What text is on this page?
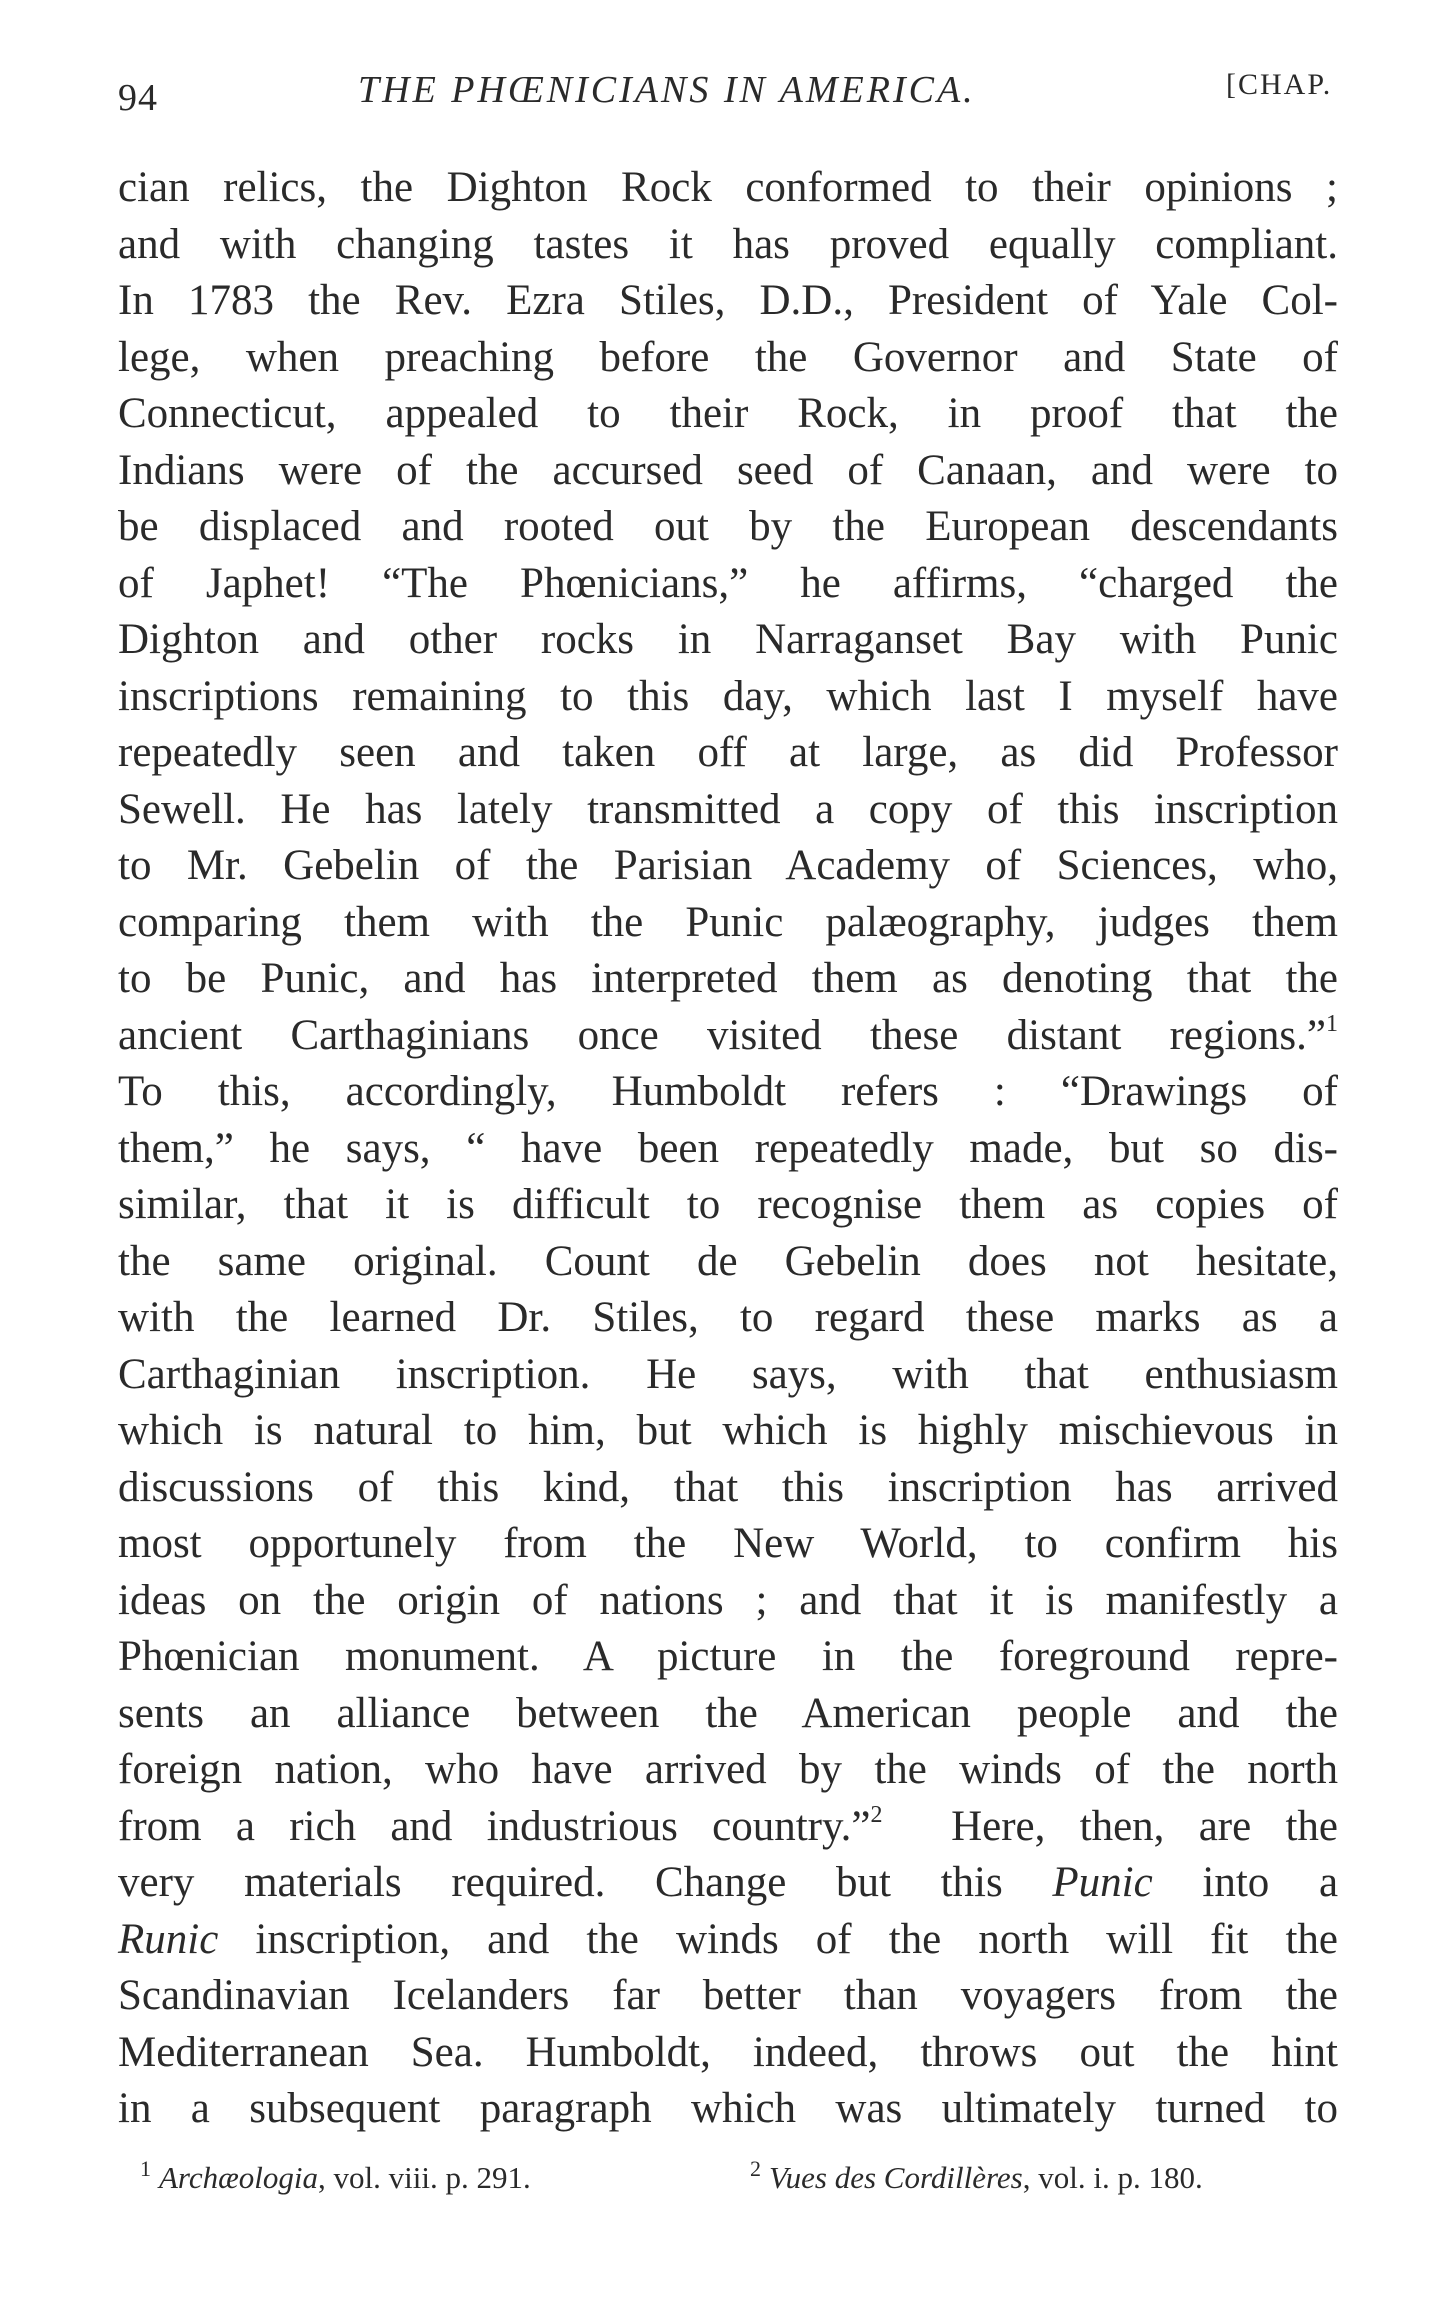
94	THE PHŒNICIANS IN AMERICA.	[CHAP.
cian relics, the Dighton Rock conformed to their opinions ;
and with changing tastes it has proved equally compliant.
In 1783 the Rev. Ezra Stiles, D.D., President of Yale Col-
lege, when preaching before the Governor and State of
Connecticut, appealed to their Rock, in proof that the
Indians were of the accursed seed of Canaan, and were to
be displaced and rooted out by the European descendants
of Japhet! “The Phœnicians,” he affirms, “charged the
Dighton and other rocks in Narraganset Bay with Punic
inscriptions remaining to this day, which last I myself have
repeatedly seen and taken off at large, as did Professor
Sewell. He has lately transmitted a copy of this inscription
to Mr. Gebelin of the Parisian Academy of Sciences, who,
comparing them with the Punic palæography, judges them
to be Punic, and has interpreted them as denoting that the
ancient Carthaginians once visited these distant regions.”$^1$
To this, accordingly, Humboldt refers : “Drawings of
them,” he says, “ have been repeatedly made, but so dis-
similar, that it is difficult to recognise them as copies of
the same original. Count de Gebelin does not hesitate,
with the learned Dr. Stiles, to regard these marks as a
Carthaginian inscription. He says, with that enthusiasm
which is natural to him, but which is highly mischievous in
discussions of this kind, that this inscription has arrived
most opportunely from the New World, to confirm his
ideas on the origin of nations ; and that it is manifestly a
Phœnician monument. A picture in the foreground repre-
sents an alliance between the American people and the
foreign nation, who have arrived by the winds of the north
from a rich and industrious country.”$^2$ Here, then, are the
very materials required. Change but this Punic into a
Runic inscription, and the winds of the north will fit the
Scandinavian Icelanders far better than voyagers from the
Mediterranean Sea. Humboldt, indeed, throws out the hint
in a subsequent paragraph which was ultimately turned to
$^1$ Archæologia, vol. viii. p. 291.	$^2$ Vues des Cordillères, vol. i. p. 180.
